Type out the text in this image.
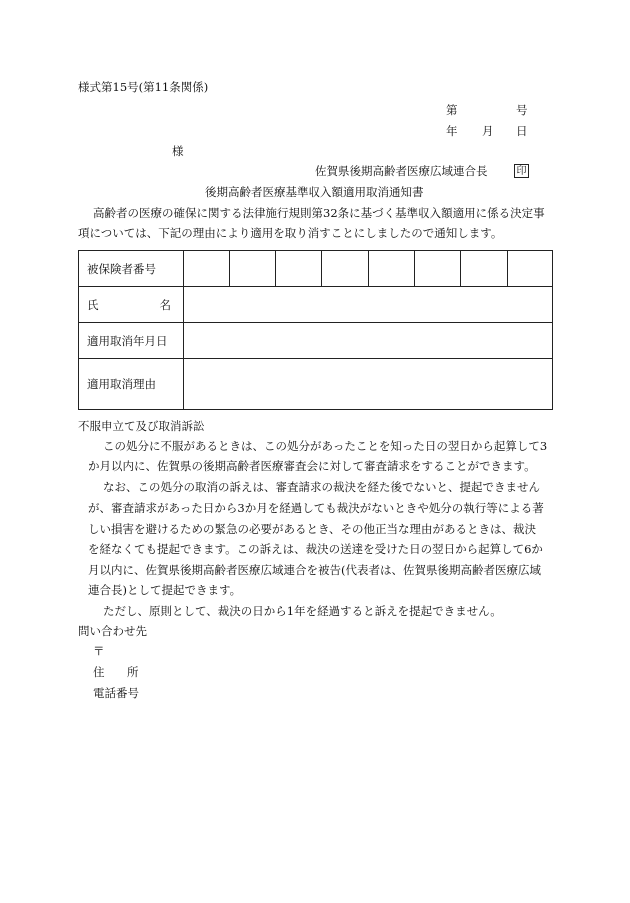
様式第15号(第11条関係)
第	号
年 月 日
様
佐賀県後期高齢者医療広域連合長	印
後期高齢者医療基準収入額適用取消通知書
高齢者の医療の確保に関する法律施行規則第32条に基づく基準収入額適用に係る決定事
項については、下記の理由により適用を取り消すことにしましたので通知します。
被保険者番号								

氏 名								

適用取消年月日								

適用取消理由								

不服申立て及び取消訴訟
この処分に不服があるときは、この処分があったことを知った日の翌日から起算して3
か月以内に、佐賀県の後期高齢者医療審査会に対して審査請求をすることができます。
なお、この処分の取消の訴えは、審査請求の裁決を経た後でないと、提起できません
が、審査請求があった日から3か月を経過しても裁決がないときや処分の執行等による著
しい損害を避けるための緊急の必要があるとき、その他正当な理由があるときは、裁決
を経なくても提起できます。この訴えは、裁決の送達を受けた日の翌日から起算して6か
月以内に、佐賀県後期高齢者医療広域連合を被告(代表者は、佐賀県後期高齢者医療広域
連合長)として提起できます。
ただし、原則として、裁決の日から1年を経過すると訴えを提起できません。
問い合わせ先
〒
住 所
電話番号
